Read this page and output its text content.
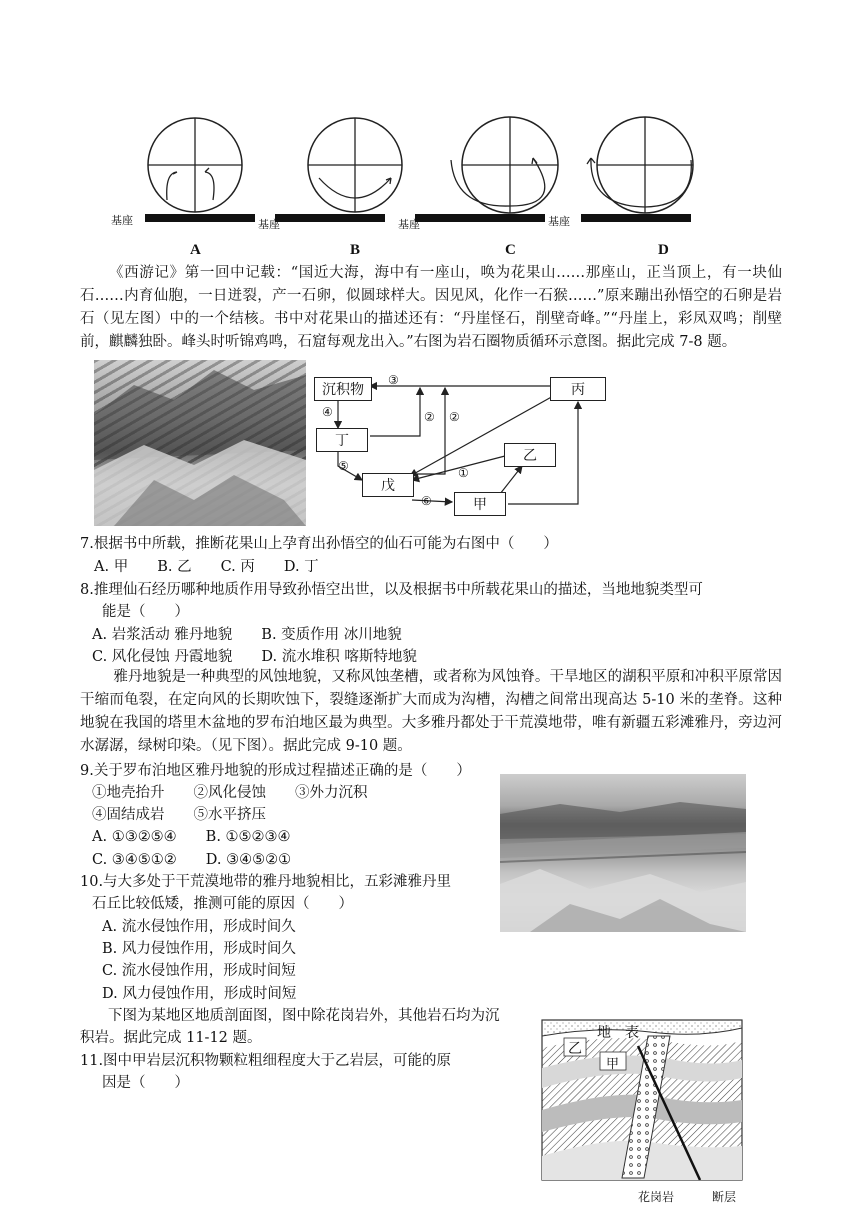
基座	基座	基座	基座
A	B	C	D
《西游记》第一回中记载：“国近大海，海中有一座山，唤为花果山……那座山，正当顶上，有一块仙石……内育仙胞，一日迸裂，产一石卵，似圆球样大。因见风，化作一石猴……”原来蹦出孙悟空的石卵是岩石（见左图）中的一个结核。书中对花果山的描述还有：“丹崖怪石，削壁奇峰。”“丹崖上，彩凤双鸣；削壁前，麒麟独卧。峰头时听锦鸡鸣，石窟每观龙出入。”右图为岩石圈物质循环示意图。据此完成 7-8 题。
沉积物	丙
丁
乙
戊
甲
③
④	② ②
⑤	①
⑥
7.根据书中所载，推断花果山上孕育出孙悟空的仙石可能为右图中（　　）
A. 甲　　B. 乙　　C. 丙　　D. 丁
8.推理仙石经历哪种地质作用导致孙悟空出世，以及根据书中所载花果山的描述，当地地貌类型可
能是（　　）
A. 岩浆活动 雅丹地貌　　B. 变质作用 冰川地貌
C. 风化侵蚀 丹霞地貌　　D. 流水堆积 喀斯特地貌
雅丹地貌是一种典型的风蚀地貌，又称风蚀垄槽，或者称为风蚀脊。干旱地区的湖积平原和冲积平原常因干缩而龟裂，在定向风的长期吹蚀下，裂缝逐渐扩大而成为沟槽，沟槽之间常出现高达 5-10 米的垄脊。这种地貌在我国的塔里木盆地的罗布泊地区最为典型。大多雅丹都处于干荒漠地带，唯有新疆五彩滩雅丹，旁边河水潺潺，绿树印染。（见下图）。据此完成 9-10 题。
9.关于罗布泊地区雅丹地貌的形成过程描述正确的是（　　）
①地壳抬升　　②风化侵蚀　　③外力沉积
④固结成岩　　⑤水平挤压
A. ①③②⑤④　　B. ①⑤②③④
C. ③④⑤①②　　D. ③④⑤②①
10.与大多处于干荒漠地带的雅丹地貌相比，五彩滩雅丹里
石丘比较低矮，推测可能的原因（　　）
A. 流水侵蚀作用，形成时间久
B. 风力侵蚀作用，形成时间久
C. 流水侵蚀作用，形成时间短
D. 风力侵蚀作用，形成时间短
下图为某地区地质剖面图，图中除花岗岩外，其他岩石均为沉
积岩。据此完成 11-12 题。
11.图中甲岩层沉积物颗粒粗细程度大于乙岩层，可能的原
因是（　　）
地　表
乙
甲
花岗岩	断层
